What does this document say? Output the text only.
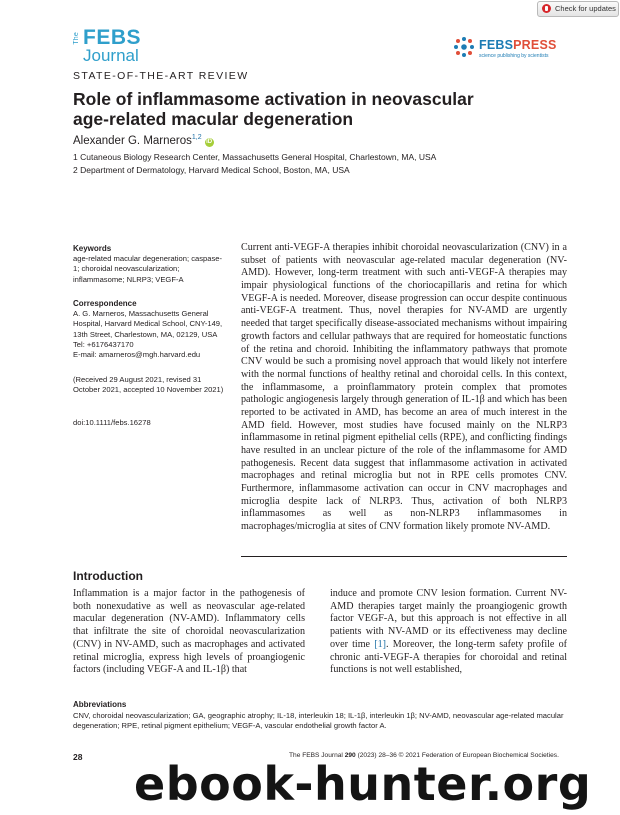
Check for updates
The FEBS
Journal
FEBSPRESS
science publishing by scientists
STATE-OF-THE-ART REVIEW
Role of inflammasome activation in neovascular age-related macular degeneration
Alexander G. Marneros$^{1,2}$iD
1 Cutaneous Biology Research Center, Massachusetts General Hospital, Charlestown, MA, USA
2 Department of Dermatology, Harvard Medical School, Boston, MA, USA

Keywords

age-related macular degeneration; caspase-1; choroidal neovascularization; inflammasome; NLRP3; VEGF-A

Correspondence

A. G. Marneros, Massachusetts General

Hospital, Harvard Medical School, CNY-149,

13th Street, Charlestown, MA, 02129, USA

Tel: +6176437170

E-mail: amarneros@mgh.harvard.edu

(Received 29 August 2021, revised 31 October 2021, accepted 10 November 2021)
doi:10.1111/febs.16278
Current anti-VEGF-A therapies inhibit choroidal neovascularization (CNV) in a subset of patients with neovascular age-related macular degeneration (NV-AMD). However, long-term treatment with such anti-VEGF-A therapies may impair physiological functions of the choriocapillaris and retina for which VEGF-A is needed. Moreover, disease progression can occur despite continuous anti-VEGF-A treatment. Thus, novel therapies for NV-AMD are urgently needed that target specifically disease-associated mechanisms without impairing growth factors and cellular pathways that are required for homeostatic functions of the retina and choroid. Inhibiting the inflammatory pathways that promote CNV would be such a promising novel approach that would likely not interfere with the normal functions of healthy retinal and choroidal cells. In this context, the inflammasome, a proinflammatory protein complex that promotes pathologic angiogenesis largely through generation of IL-1β and which has been reported to be activated in AMD, has become an area of much interest in the AMD field. However, most studies have focused mainly on the NLRP3 inflammasome in retinal pigment epithelial cells (RPE), and conflicting findings have resulted in an unclear picture of the role of the inflammasome for AMD pathogenesis. Recent data suggest that inflammasome activation in activated macrophages and retinal microglia but not in RPE cells promotes CNV. Furthermore, inflammasome activation can occur in CNV macrophages and microglia despite lack of NLRP3. Thus, activation of both NLRP3 inflammasomes as well as non-NLRP3 inflammasomes in macrophages/microglia at sites of CNV formation likely promote NV-AMD.
Introduction
Inflammation is a major factor in the pathogenesis of both nonexudative as well as neovascular age-related macular degeneration (NV-AMD). Inflammatory cells that infiltrate the site of choroidal neovascularization (CNV) in NV-AMD, such as macrophages and activated retinal microglia, express high levels of proangiogenic factors (including VEGF-A and IL-1β) that
induce and promote CNV lesion formation. Current NV-AMD therapies target mainly the proangiogenic growth factor VEGF-A, but this approach is not effective in all patients with NV-AMD or its effectiveness may decline over time [1]. Moreover, the long-term safety profile of chronic anti-VEGF-A therapies for choroidal and retinal functions is not well established,
Abbreviations
CNV, choroidal neovascularization; GA, geographic atrophy; IL-18, interleukin 18; IL-1β, interleukin 1β; NV-AMD, neovascular age-related macular degeneration; RPE, retinal pigment epithelium; VEGF-A, vascular endothelial growth factor A.
28	The FEBS Journal 290 (2023) 28–36 © 2021 Federation of European Biochemical Societies.
ebook-hunter.org
